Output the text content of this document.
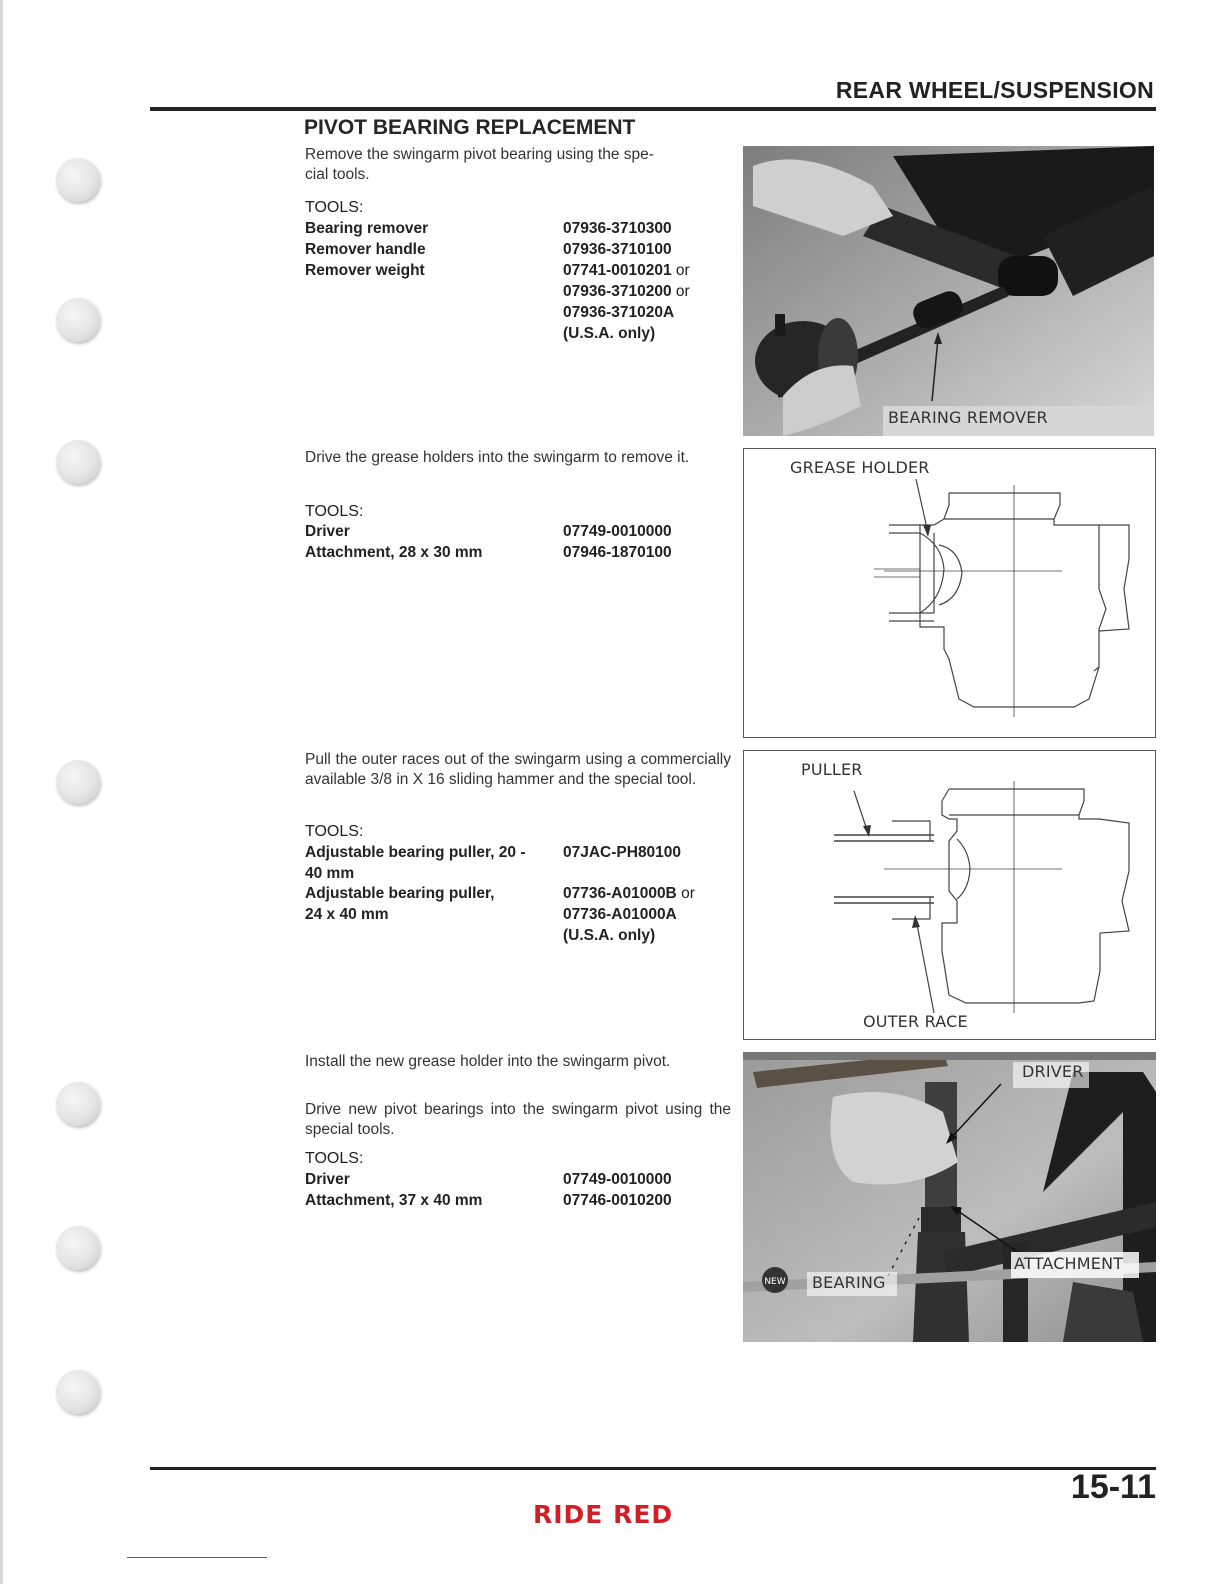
REAR WHEEL/SUSPENSION
PIVOT BEARING REPLACEMENT
Remove the swingarm pivot bearing using the spe-
cial tools.
TOOLS:
Bearing remover	07936-3710300
Remover handle	07936-3710100
Remover weight	07741-0010201 or
07936-3710200 or
07936-371020A
(U.S.A. only)
BEARING REMOVER
Drive the grease holders into the swingarm to remove it.
TOOLS:
Driver	07749-0010000
Attachment, 28 x 30 mm	07946-1870100
GREASE HOLDER
Pull the outer races out of the swingarm using a commercially available 3/8 in X 16 sliding hammer and the special tool.
TOOLS:
Adjustable bearing puller, 20 -	07JAC-PH80100
40 mm
Adjustable bearing puller,	07736-A01000B or
24 x 40 mm	07736-A01000A
(U.S.A. only)
PULLER
OUTER RACE
Install the new grease holder into the swingarm pivot.
Drive new pivot bearings into the swingarm pivot using the special tools.
TOOLS:
Driver	07749-0010000
Attachment, 37 x 40 mm	07746-0010200
NEW
DRIVER
ATTACHMENT
BEARING
15-11
RIDE RED
